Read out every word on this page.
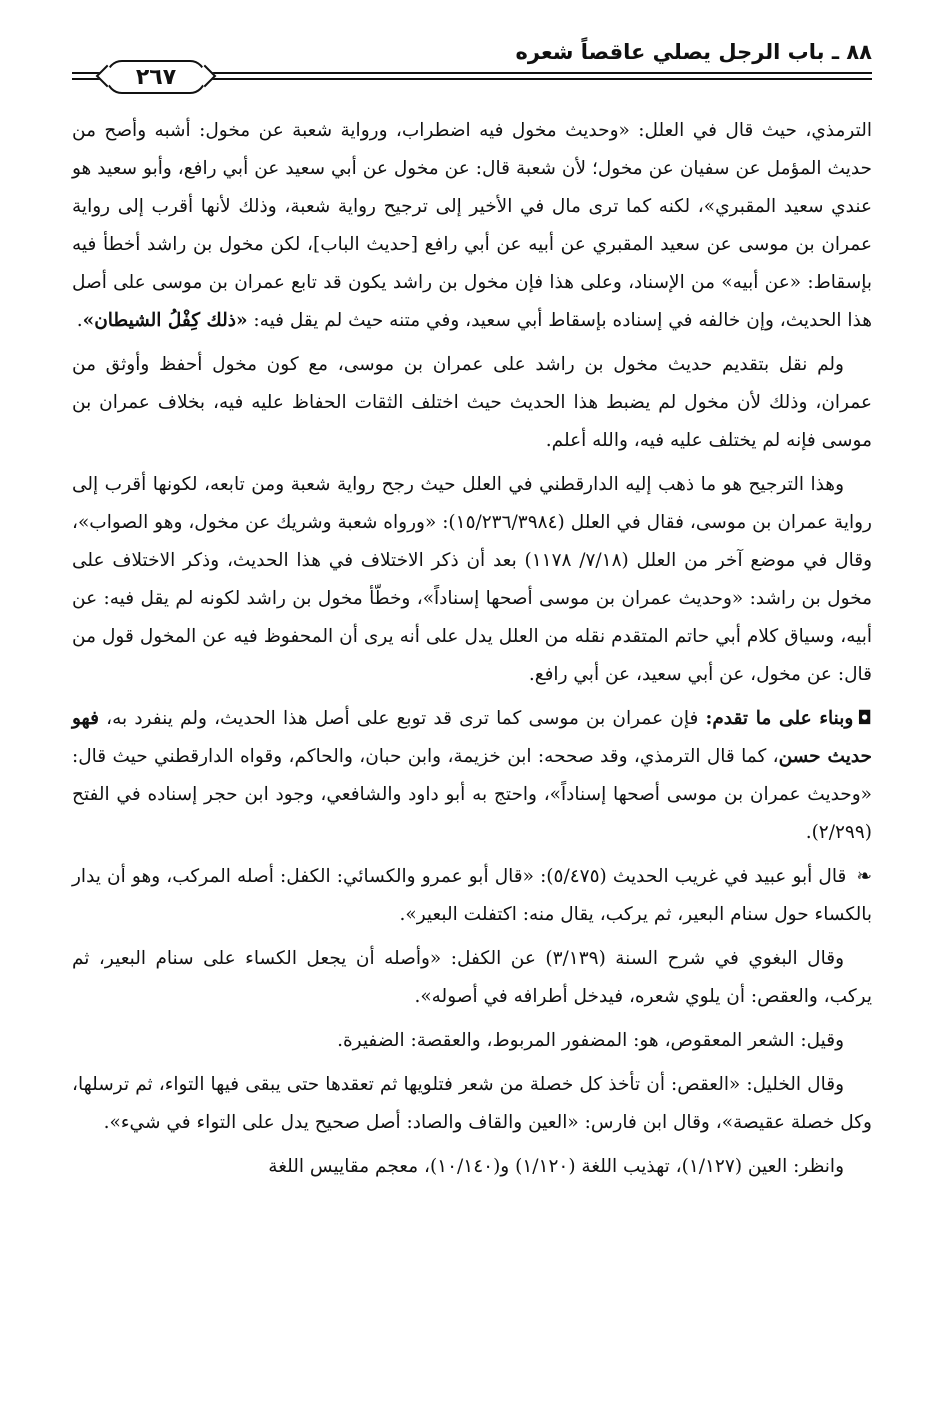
٨٨ ـ باب الرجل يصلي عاقصاً شعره
٢٦٧

الترمذي، حيث قال في العلل: «وحديث مخول فيه اضطراب، ورواية شعبة عن مخول: أشبه وأصح من حديث المؤمل عن سفيان عن مخول؛ لأن شعبة قال: عن مخول عن أبي سعيد عن أبي رافع، وأبو سعيد هو عندي سعيد المقبري»، لكنه كما ترى مال في الأخير إلى ترجيح رواية شعبة، وذلك لأنها أقرب إلى رواية عمران بن موسى عن سعيد المقبري عن أبيه عن أبي رافع [حديث الباب]، لكن مخول بن راشد أخطأ فيه بإسقاط: «عن أبيه» من الإسناد، وعلى هذا فإن مخول بن راشد يكون قد تابع عمران بن موسى على أصل هذا الحديث، وإن خالفه في إسناده بإسقاط أبي سعيد، وفي متنه حيث لم يقل فيه: «ذلك كِفْلُ الشيطان».

ولم نقل بتقديم حديث مخول بن راشد على عمران بن موسى، مع كون مخول أحفظ وأوثق من عمران، وذلك لأن مخول لم يضبط هذا الحديث حيث اختلف الثقات الحفاظ عليه فيه، بخلاف عمران بن موسى فإنه لم يختلف عليه فيه، والله أعلم.

وهذا الترجيح هو ما ذهب إليه الدارقطني في العلل حيث رجح رواية شعبة ومن تابعه، لكونها أقرب إلى رواية عمران بن موسى، فقال في العلل (١٥/٢٣٦/٣٩٨٤): «ورواه شعبة وشريك عن مخول، وهو الصواب»، وقال في موضع آخر من العلل (٧/١٨/ ١١٧٨) بعد أن ذكر الاختلاف في هذا الحديث، وذكر الاختلاف على مخول بن راشد: «وحديث عمران بن موسى أصحها إسناداً»، وخطّأ مخول بن راشد لكونه لم يقل فيه: عن أبيه، وسياق كلام أبي حاتم المتقدم نقله من العلل يدل على أنه يرى أن المحفوظ فيه عن المخول قول من قال: عن مخول، عن أبي سعيد، عن أبي رافع.

◘وبناء على ما تقدم: فإن عمران بن موسى كما ترى قد توبع على أصل هذا الحديث، ولم ينفرد به، فهو حديث حسن، كما قال الترمذي، وقد صححه: ابن خزيمة، وابن حبان، والحاكم، وقواه الدارقطني حيث قال: «وحديث عمران بن موسى أصحها إسناداً»، واحتج به أبو داود والشافعي، وجود ابن حجر إسناده في الفتح (٢/٢٩٩).

❧ قال أبو عبيد في غريب الحديث (٥/٤٧٥): «قال أبو عمرو والكسائي: الكفل: أصله المركب، وهو أن يدار بالكساء حول سنام البعير، ثم يركب، يقال منه: اكتفلت البعير».

وقال البغوي في شرح السنة (٣/١٣٩) عن الكفل: «وأصله أن يجعل الكساء على سنام البعير، ثم يركب، والعقص: أن يلوي شعره، فيدخل أطرافه في أصوله».

وقيل: الشعر المعقوص، هو: المضفور المربوط، والعقصة: الضفيرة.

وقال الخليل: «العقص: أن تأخذ كل خصلة من شعر فتلويها ثم تعقدها حتى يبقى فيها التواء، ثم ترسلها، وكل خصلة عقيصة»، وقال ابن فارس: «العين والقاف والصاد: أصل صحيح يدل على التواء في شيء».

وانظر: العين (١/١٢٧)، تهذيب اللغة (١/١٢٠) و(١٠/١٤٠)، معجم مقاييس اللغة
